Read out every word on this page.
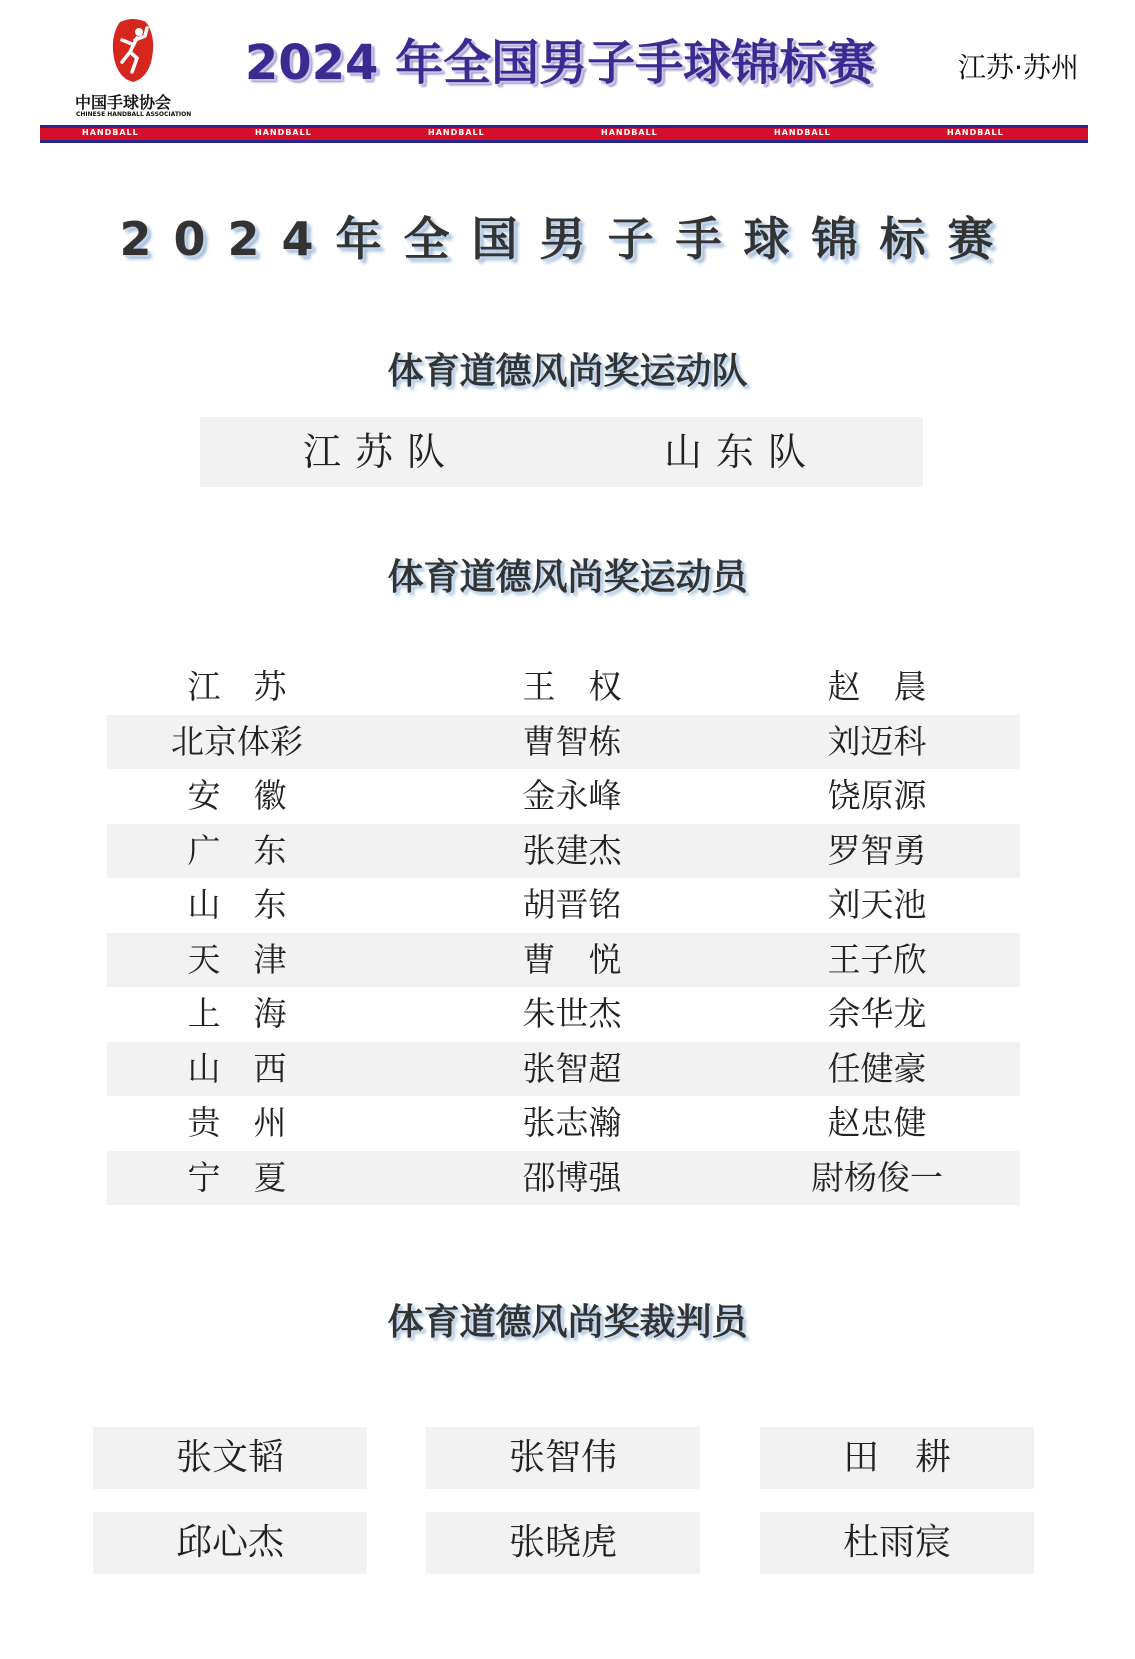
中国手球协会
CHINESE HANDBALL ASSOCIATION
2024 年全国男子手球锦标赛	江苏·苏州
HANDBALL	HANDBALL	HANDBALL	HANDBALL	HANDBALL	HANDBALL
2024年全国男子手球锦标赛
体育道德风尚奖运动队
江苏队	山东队
体育道德风尚奖运动员
江　苏	王　权	赵　晨
北京体彩	曹智栋	刘迈科
安　徽	金永峰	饶原源
广　东	张建杰	罗智勇
山　东	胡晋铭	刘天池
天　津	曹　悦	王子欣
上　海	朱世杰	余华龙
山　西	张智超	任健豪
贵　州	张志瀚	赵忠健
宁　夏	邵博强	尉杨俊一
体育道德风尚奖裁判员
张文韬	张智伟	田　耕
邱心杰	张晓虎	杜雨宸
